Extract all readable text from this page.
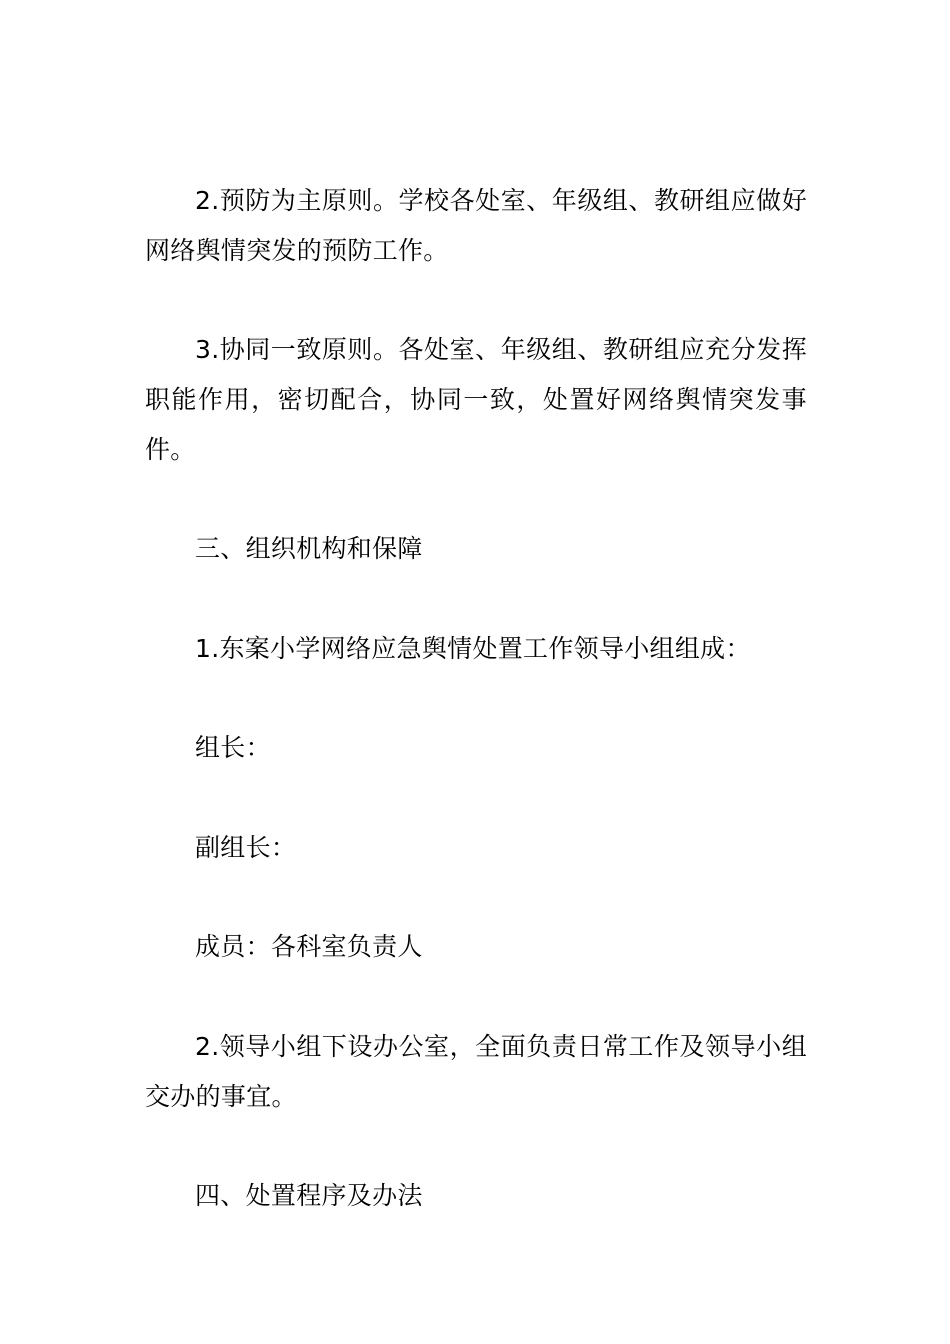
2.预防为主原则。学校各处室、年级组、教研组应做好网络舆情突发的预防工作。

3.协同一致原则。各处室、年级组、教研组应充分发挥职能作用，密切配合，协同一致，处置好网络舆情突发事件。

三、组织机构和保障

1.东案小学网络应急舆情处置工作领导小组组成：

组长：

副组长：

成员：各科室负责人

2.领导小组下设办公室，全面负责日常工作及领导小组交办的事宜。

四、处置程序及办法
